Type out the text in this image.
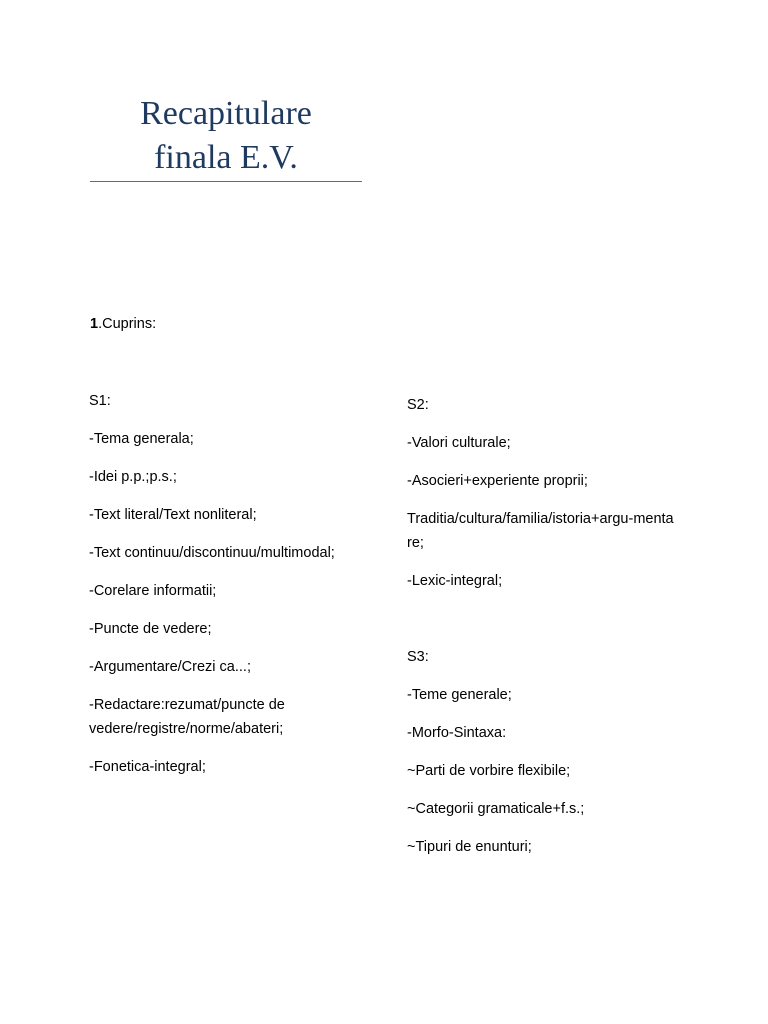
Recapitulare

finala E.V.

1.Cuprins:

S1:

-Tema generala;

-Idei p.p.;p.s.;

-Text literal/Text nonliteral;

-Text continuu/discontinuu/multimodal;

-Corelare informatii;

-Puncte de vedere;

-Argumentare/Crezi ca...;

-Redactare:rezumat/puncte de vedere/registre/norme/abateri;

-Fonetica-integral;

S2:

-Valori culturale;

-Asocieri+experiente proprii;

Traditia/cultura/familia/istoria+argu-mentare;

-Lexic-integral;

S3:

-Teme generale;

-Morfo-Sintaxa:

~Parti de vorbire flexibile;

~Categorii gramaticale+f.s.;

~Tipuri de enunturi;
